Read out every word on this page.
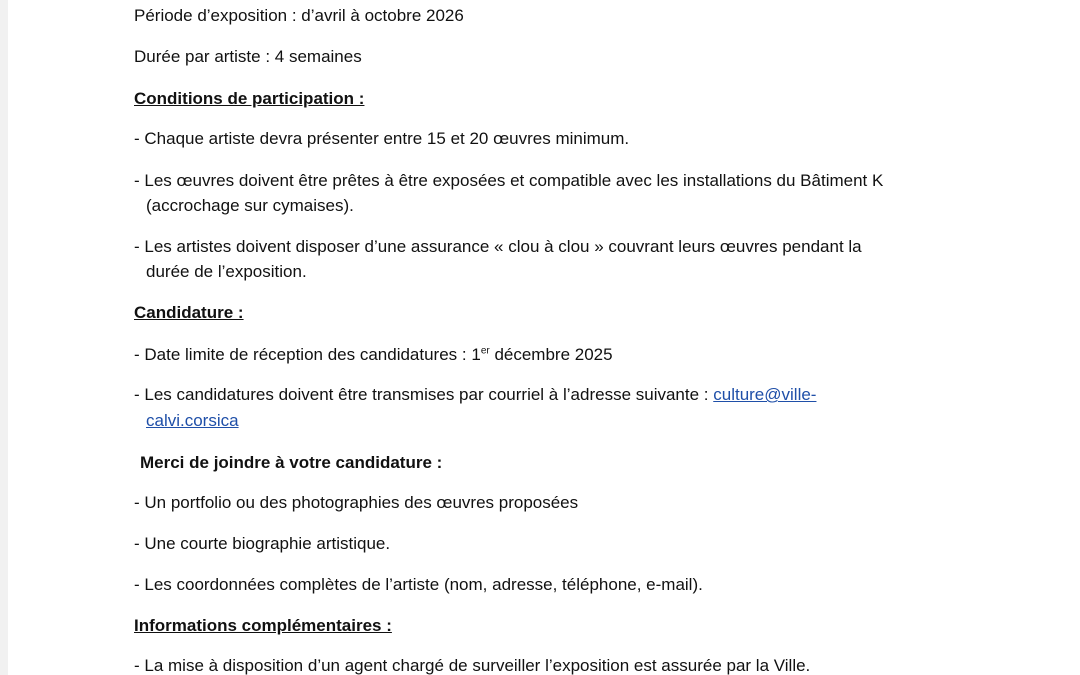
Période d’exposition : d’avril à octobre 2026
Durée par artiste : 4 semaines
Conditions de participation :
- Chaque artiste devra présenter entre 15 et 20 œuvres minimum.
- Les œuvres doivent être prêtes à être exposées et compatible avec les installations du Bâtiment K
(accrochage sur cymaises).
- Les artistes doivent disposer d’une assurance « clou à clou » couvrant leurs œuvres pendant la
durée de l’exposition.
Candidature :
- Date limite de réception des candidatures : 1er décembre 2025
- Les candidatures doivent être transmises par courriel à l’adresse suivante : culture@ville-
calvi.corsica
Merci de joindre à votre candidature :
- Un portfolio ou des photographies des œuvres proposées
- Une courte biographie artistique.
- Les coordonnées complètes de l’artiste (nom, adresse, téléphone, e-mail).
Informations complémentaires :
- La mise à disposition d’un agent chargé de surveiller l’exposition est assurée par la Ville.
